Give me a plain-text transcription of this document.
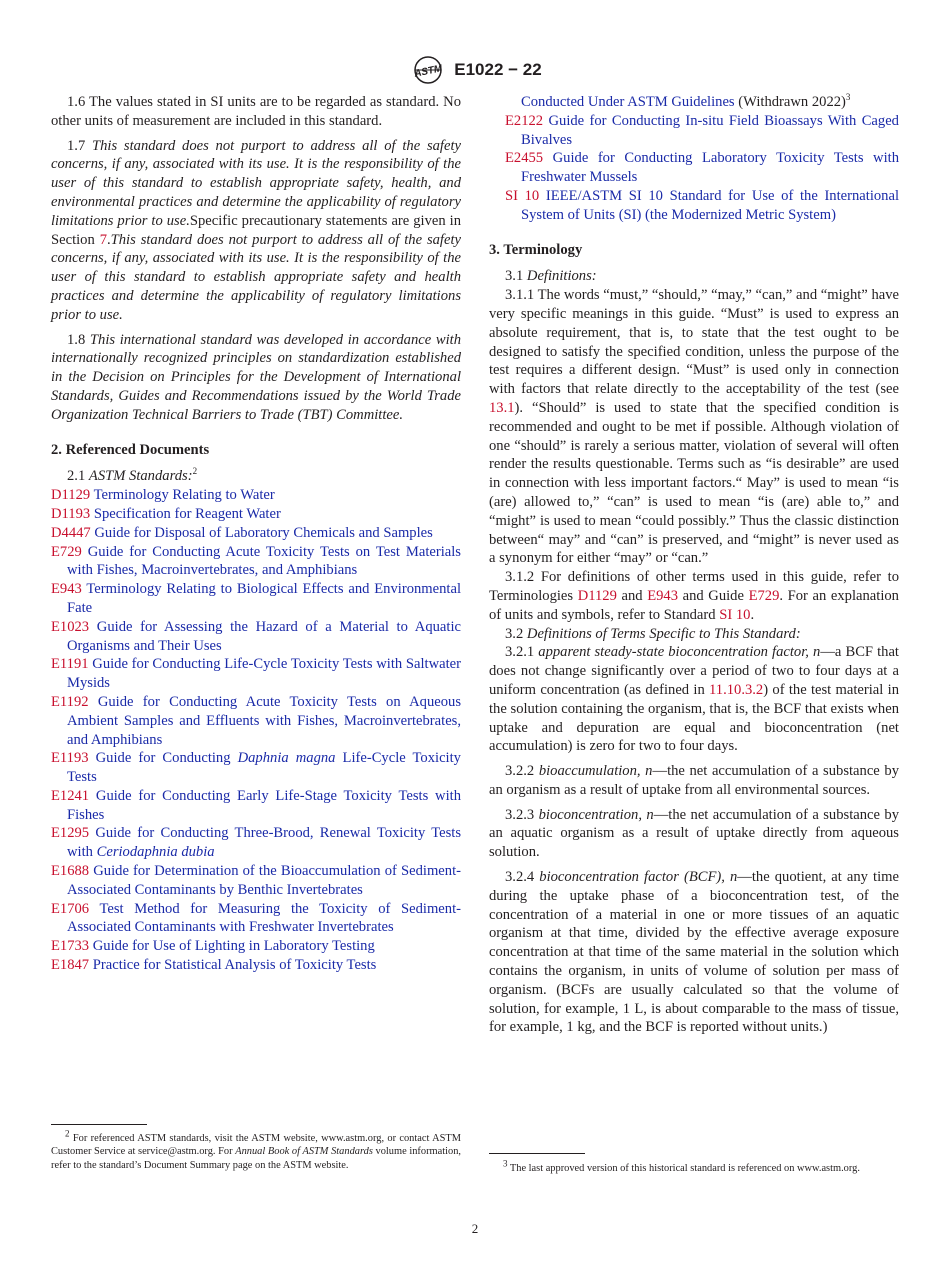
ASTM E1022 − 22

1.6 The values stated in SI units are to be regarded as standard. No other units of measurement are included in this standard.

1.7 This standard does not purport to address all of the safety concerns, if any, associated with its use. It is the responsibility of the user of this standard to establish appropriate safety, health, and environmental practices and determine the applicability of regulatory limitations prior to use.Specific precautionary statements are given in Section 7.This standard does not purport to address all of the safety concerns, if any, associated with its use. It is the responsibility of the user of this standard to establish appropriate safety and health practices and determine the applicability of regulatory limitations prior to use.

1.8 This international standard was developed in accordance with internationally recognized principles on standardization established in the Decision on Principles for the Development of International Standards, Guides and Recommendations issued by the World Trade Organization Technical Barriers to Trade (TBT) Committee.

2. Referenced Documents

2.1 ASTM Standards:$^2$

D1129 Terminology Relating to Water

D1193 Specification for Reagent Water

D4447 Guide for Disposal of Laboratory Chemicals and Samples

E729 Guide for Conducting Acute Toxicity Tests on Test Materials with Fishes, Macroinvertebrates, and Amphibians

E943 Terminology Relating to Biological Effects and Environmental Fate

E1023 Guide for Assessing the Hazard of a Material to Aquatic Organisms and Their Uses

E1191 Guide for Conducting Life-Cycle Toxicity Tests with Saltwater Mysids

E1192 Guide for Conducting Acute Toxicity Tests on Aqueous Ambient Samples and Effluents with Fishes, Macroinvertebrates, and Amphibians

E1193 Guide for Conducting Daphnia magna Life-Cycle Toxicity Tests

E1241 Guide for Conducting Early Life-Stage Toxicity Tests with Fishes

E1295 Guide for Conducting Three-Brood, Renewal Toxicity Tests with Ceriodaphnia dubia

E1688 Guide for Determination of the Bioaccumulation of Sediment-Associated Contaminants by Benthic Invertebrates

E1706 Test Method for Measuring the Toxicity of Sediment-Associated Contaminants with Freshwater Invertebrates

E1733 Guide for Use of Lighting in Laboratory Testing

E1847 Practice for Statistical Analysis of Toxicity Tests

$^2$ For referenced ASTM standards, visit the ASTM website, www.astm.org, or contact ASTM Customer Service at service@astm.org. For Annual Book of ASTM Standards volume information, refer to the standard’s Document Summary page on the ASTM website.

Conducted Under ASTM Guidelines (Withdrawn 2022)$^3$

E2122 Guide for Conducting In-situ Field Bioassays With Caged Bivalves

E2455 Guide for Conducting Laboratory Toxicity Tests with Freshwater Mussels

SI 10 IEEE/ASTM SI 10 Standard for Use of the International System of Units (SI) (the Modernized Metric System)

3. Terminology

3.1 Definitions:

3.1.1 The words “must,” “should,” “may,” “can,” and “might” have very specific meanings in this guide. “Must” is used to express an absolute requirement, that is, to state that the test ought to be designed to satisfy the specified condition, unless the purpose of the test requires a different design. “Must” is used only in connection with factors that relate directly to the acceptability of the test (see 13.1). “Should” is used to state that the specified condition is recommended and ought to be met if possible. Although violation of one “should” is rarely a serious matter, violation of several will often render the results questionable. Terms such as “is desirable” are used in connection with less important factors.“ May” is used to mean “is (are) allowed to,” “can” is used to mean “is (are) able to,” and “might” is used to mean “could possibly.” Thus the classic distinction between“ may” and “can” is preserved, and “might” is never used as a synonym for either “may” or “can.”

3.1.2 For definitions of other terms used in this guide, refer to Terminologies D1129 and E943 and Guide E729. For an explanation of units and symbols, refer to Standard SI 10.

3.2 Definitions of Terms Specific to This Standard:

3.2.1 apparent steady-state bioconcentration factor, n—a BCF that does not change significantly over a period of two to four days at a uniform concentration (as defined in 11.10.3.2) of the test material in the solution containing the organism, that is, the BCF that exists when uptake and depuration are equal and bioconcentration (net accumulation) is zero for two to four days.

3.2.2 bioaccumulation, n—the net accumulation of a substance by an organism as a result of uptake from all environmental sources.

3.2.3 bioconcentration, n—the net accumulation of a substance by an aquatic organism as a result of uptake directly from aqueous solution.

3.2.4 bioconcentration factor (BCF), n—the quotient, at any time during the uptake phase of a bioconcentration test, of the concentration of a material in one or more tissues of an aquatic organism at that time, divided by the effective average exposure concentration at that time of the same material in the solution which contains the organism, in units of volume of solution per mass of organism. (BCFs are usually calculated so that the volume of solution, for example, 1 L, is about comparable to the mass of tissue, for example, 1 kg, and the BCF is reported without units.)

$^3$ The last approved version of this historical standard is referenced on www.astm.org.
2
